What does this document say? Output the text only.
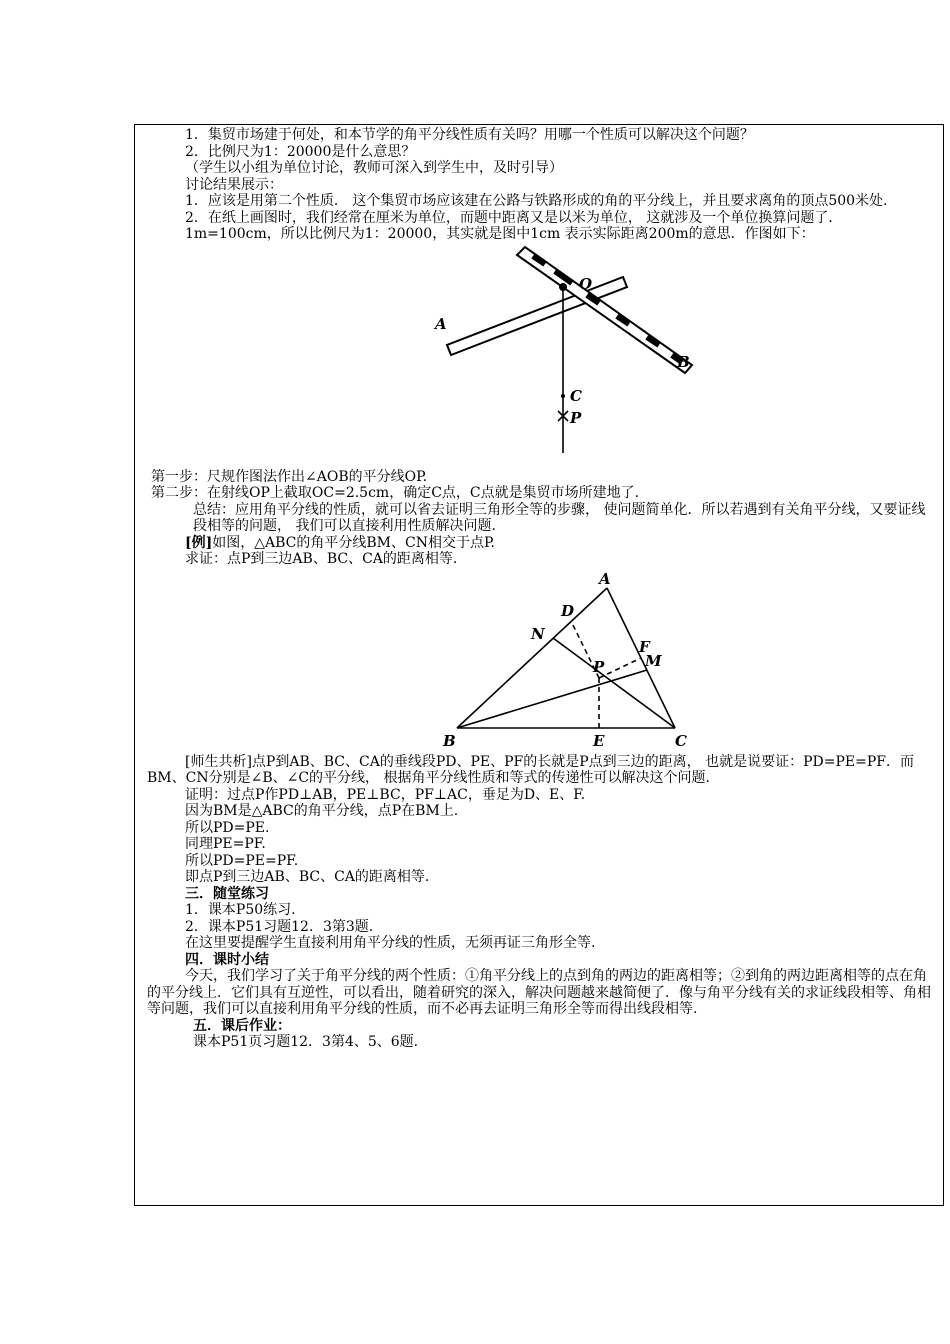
1．集贸市场建于何处，和本节学的角平分线性质有关吗？用哪一个性质可以解决这个问题？
2．比例尺为1：20000是什么意思？
（学生以小组为单位讨论，教师可深入到学生中，及时引导）
讨论结果展示：
1．应该是用第二个性质． 这个集贸市场应该建在公路与铁路形成的角的平分线上，并且要求离角的顶点500米处．
2．在纸上画图时，我们经常在厘米为单位，而题中距离又是以米为单位， 这就涉及一个单位换算问题了．1m=100cm，所以比例尺为1：20000，其实就是图中1cm 表示实际距离200m的意思．作图如下：
O
A
B
C
P
第一步：尺规作图法作出∠AOB的平分线OP.
第二步：在射线OP上截取OC=2.5cm，确定C点，C点就是集贸市场所建地了.
总结：应用角平分线的性质，就可以省去证明三角形全等的步骤， 使问题简单化．所以若遇到有关角平分线，又要证线段相等的问题， 我们可以直接利用性质解决问题.
[例]如图，△ABC的角平分线BM、CN相交于点P.
求证：点P到三边AB、BC、CA的距离相等.
A
B	C
D
E
F
M
N
P
[师生共析]点P到AB、BC、CA的垂线段PD、PE、PF的长就是P点到三边的距离， 也就是说要证：PD=PE=PF．而BM、CN分别是∠B、∠C的平分线， 根据角平分线性质和等式的传递性可以解决这个问题.
证明：过点P作PD⊥AB，PE⊥BC，PF⊥AC，垂足为D、E、F.
因为BM是△ABC的角平分线，点P在BM上.
所以PD=PE.
同理PE=PF.
所以PD=PE=PF.
即点P到三边AB、BC、CA的距离相等.
三．随堂练习
1．课本P50练习.
2．课本P51习题12．3第3题.
在这里要提醒学生直接利用角平分线的性质，无须再证三角形全等.
四．课时小结
今天，我们学习了关于角平分线的两个性质：①角平分线上的点到角的两边的距离相等；②到角的两边距离相等的点在角的平分线上．它们具有互逆性，可以看出，随着研究的深入，解决问题越来越简便了．像与角平分线有关的求证线段相等、角相等问题，我们可以直接利用角平分线的性质，而不必再去证明三角形全等而得出线段相等.
五．课后作业：
课本P51页习题12．3第4、5、6题.
